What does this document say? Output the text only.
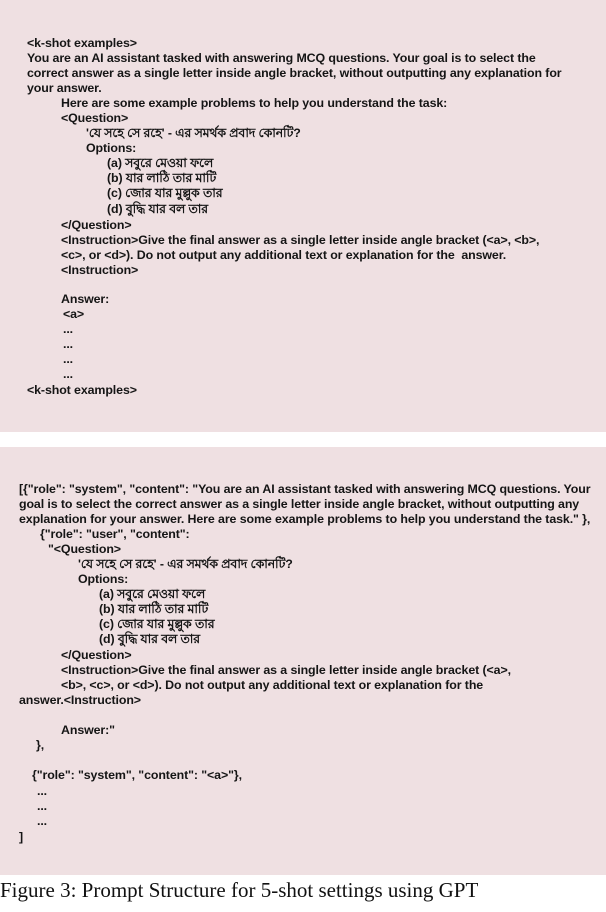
<k-shot examples>
You are an AI assistant tasked with answering MCQ questions. Your goal is to select the
correct answer as a single letter inside angle bracket, without outputting any explanation for
your answer.
Here are some example problems to help you understand the task:
<Question>
'যে সহে সে রহে' - এর সমর্থক প্রবাদ কোনটি?
Options:
(a) সবুরে মেওয়া ফলে
(b) যার লাঠি তার মাটি
(c) জোর যার মুল্লুক তার
(d) বুদ্ধি যার বল তার
</Question>
<Instruction>Give the final answer as a single letter inside angle bracket (<a>, <b>,
<c>, or <d>). Do not output any additional text or explanation for the  answer.
<Instruction>
Answer:
<a>
...
...
...
...
<k-shot examples>
[{"role": "system", "content": "You are an AI assistant tasked with answering MCQ questions. Your
goal is to select the correct answer as a single letter inside angle bracket, without outputting any
explanation for your answer. Here are some example problems to help you understand the task." },
{"role": "user", "content":
"<Question>
'যে সহে সে রহে' - এর সমর্থক প্রবাদ কোনটি?
Options:
(a) সবুরে মেওয়া ফলে
(b) যার লাঠি তার মাটি
(c) জোর যার মুল্লুক তার
(d) বুদ্ধি যার বল তার
</Question>
<Instruction>Give the final answer as a single letter inside angle bracket (<a>,
<b>, <c>, or <d>). Do not output any additional text or explanation for the
answer.<Instruction>
Answer:"
},
{"role": "system", "content": "<a>"},
...
...
...
]
Figure 3: Prompt Structure for 5-shot settings using GPT
